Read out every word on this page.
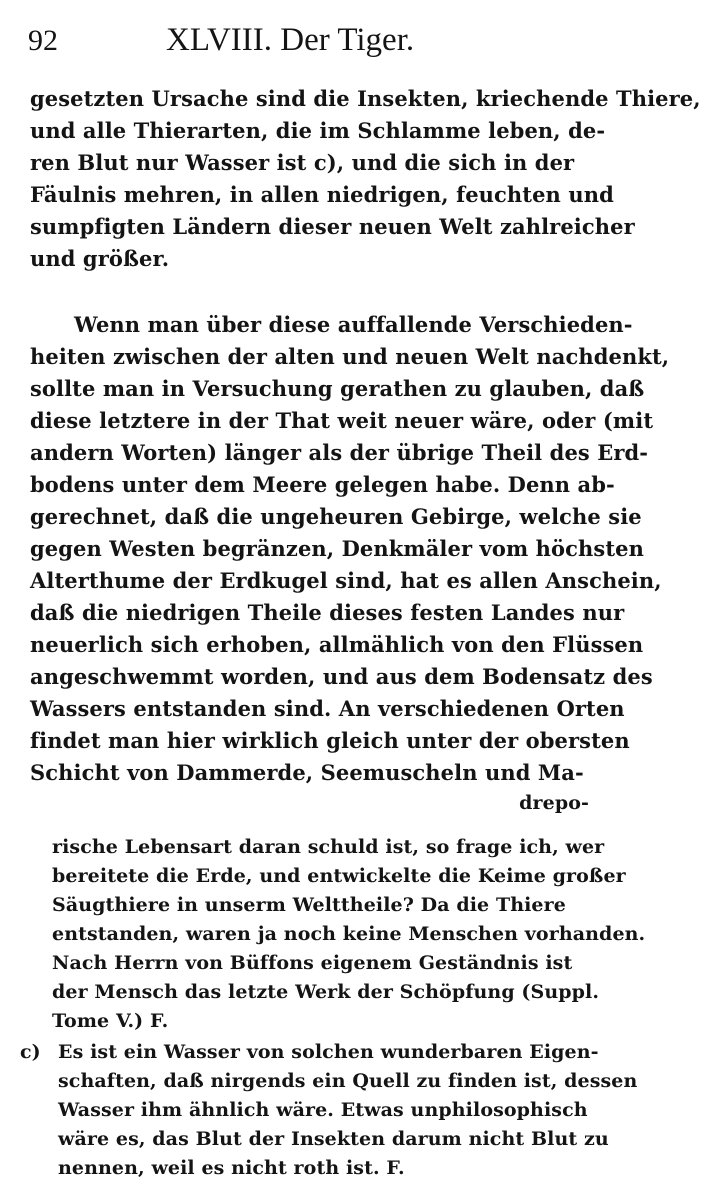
92	XLVIII. Der Tiger.
gesetzten Ursache sind die Insekten, kriechende Thiere,
und alle Thierarten, die im Schlamme leben, de-
ren Blut nur Wasser ist c), und die sich in der
Fäulnis mehren, in allen niedrigen, feuchten und
sumpfigten Ländern dieser neuen Welt zahlreicher
und größer.
Wenn man über diese auffallende Verschieden-
heiten zwischen der alten und neuen Welt nachdenkt,
sollte man in Versuchung gerathen zu glauben, daß
diese letztere in der That weit neuer wäre, oder (mit
andern Worten) länger als der übrige Theil des Erd-
bodens unter dem Meere gelegen habe. Denn ab-
gerechnet, daß die ungeheuren Gebirge, welche sie
gegen Westen begränzen, Denkmäler vom höchsten
Alterthume der Erdkugel sind, hat es allen Anschein,
daß die niedrigen Theile dieses festen Landes nur
neuerlich sich erhoben, allmählich von den Flüssen
angeschwemmt worden, und aus dem Bodensatz des
Wassers entstanden sind. An verschiedenen Orten
findet man hier wirklich gleich unter der obersten
Schicht von Dammerde, Seemuscheln und Ma-
drepo-
rische Lebensart daran schuld ist, so frage ich, wer
bereitete die Erde, und entwickelte die Keime großer
Säugthiere in unserm Welttheile? Da die Thiere
entstanden, waren ja noch keine Menschen vorhanden.
Nach Herrn von Büffons eigenem Geständnis ist
der Mensch das letzte Werk der Schöpfung (Suppl.
Tome V.) F.
c) Es ist ein Wasser von solchen wunderbaren Eigen-
schaften, daß nirgends ein Quell zu finden ist, dessen
Wasser ihm ähnlich wäre. Etwas unphilosophisch
wäre es, das Blut der Insekten darum nicht Blut zu
nennen, weil es nicht roth ist. F.
